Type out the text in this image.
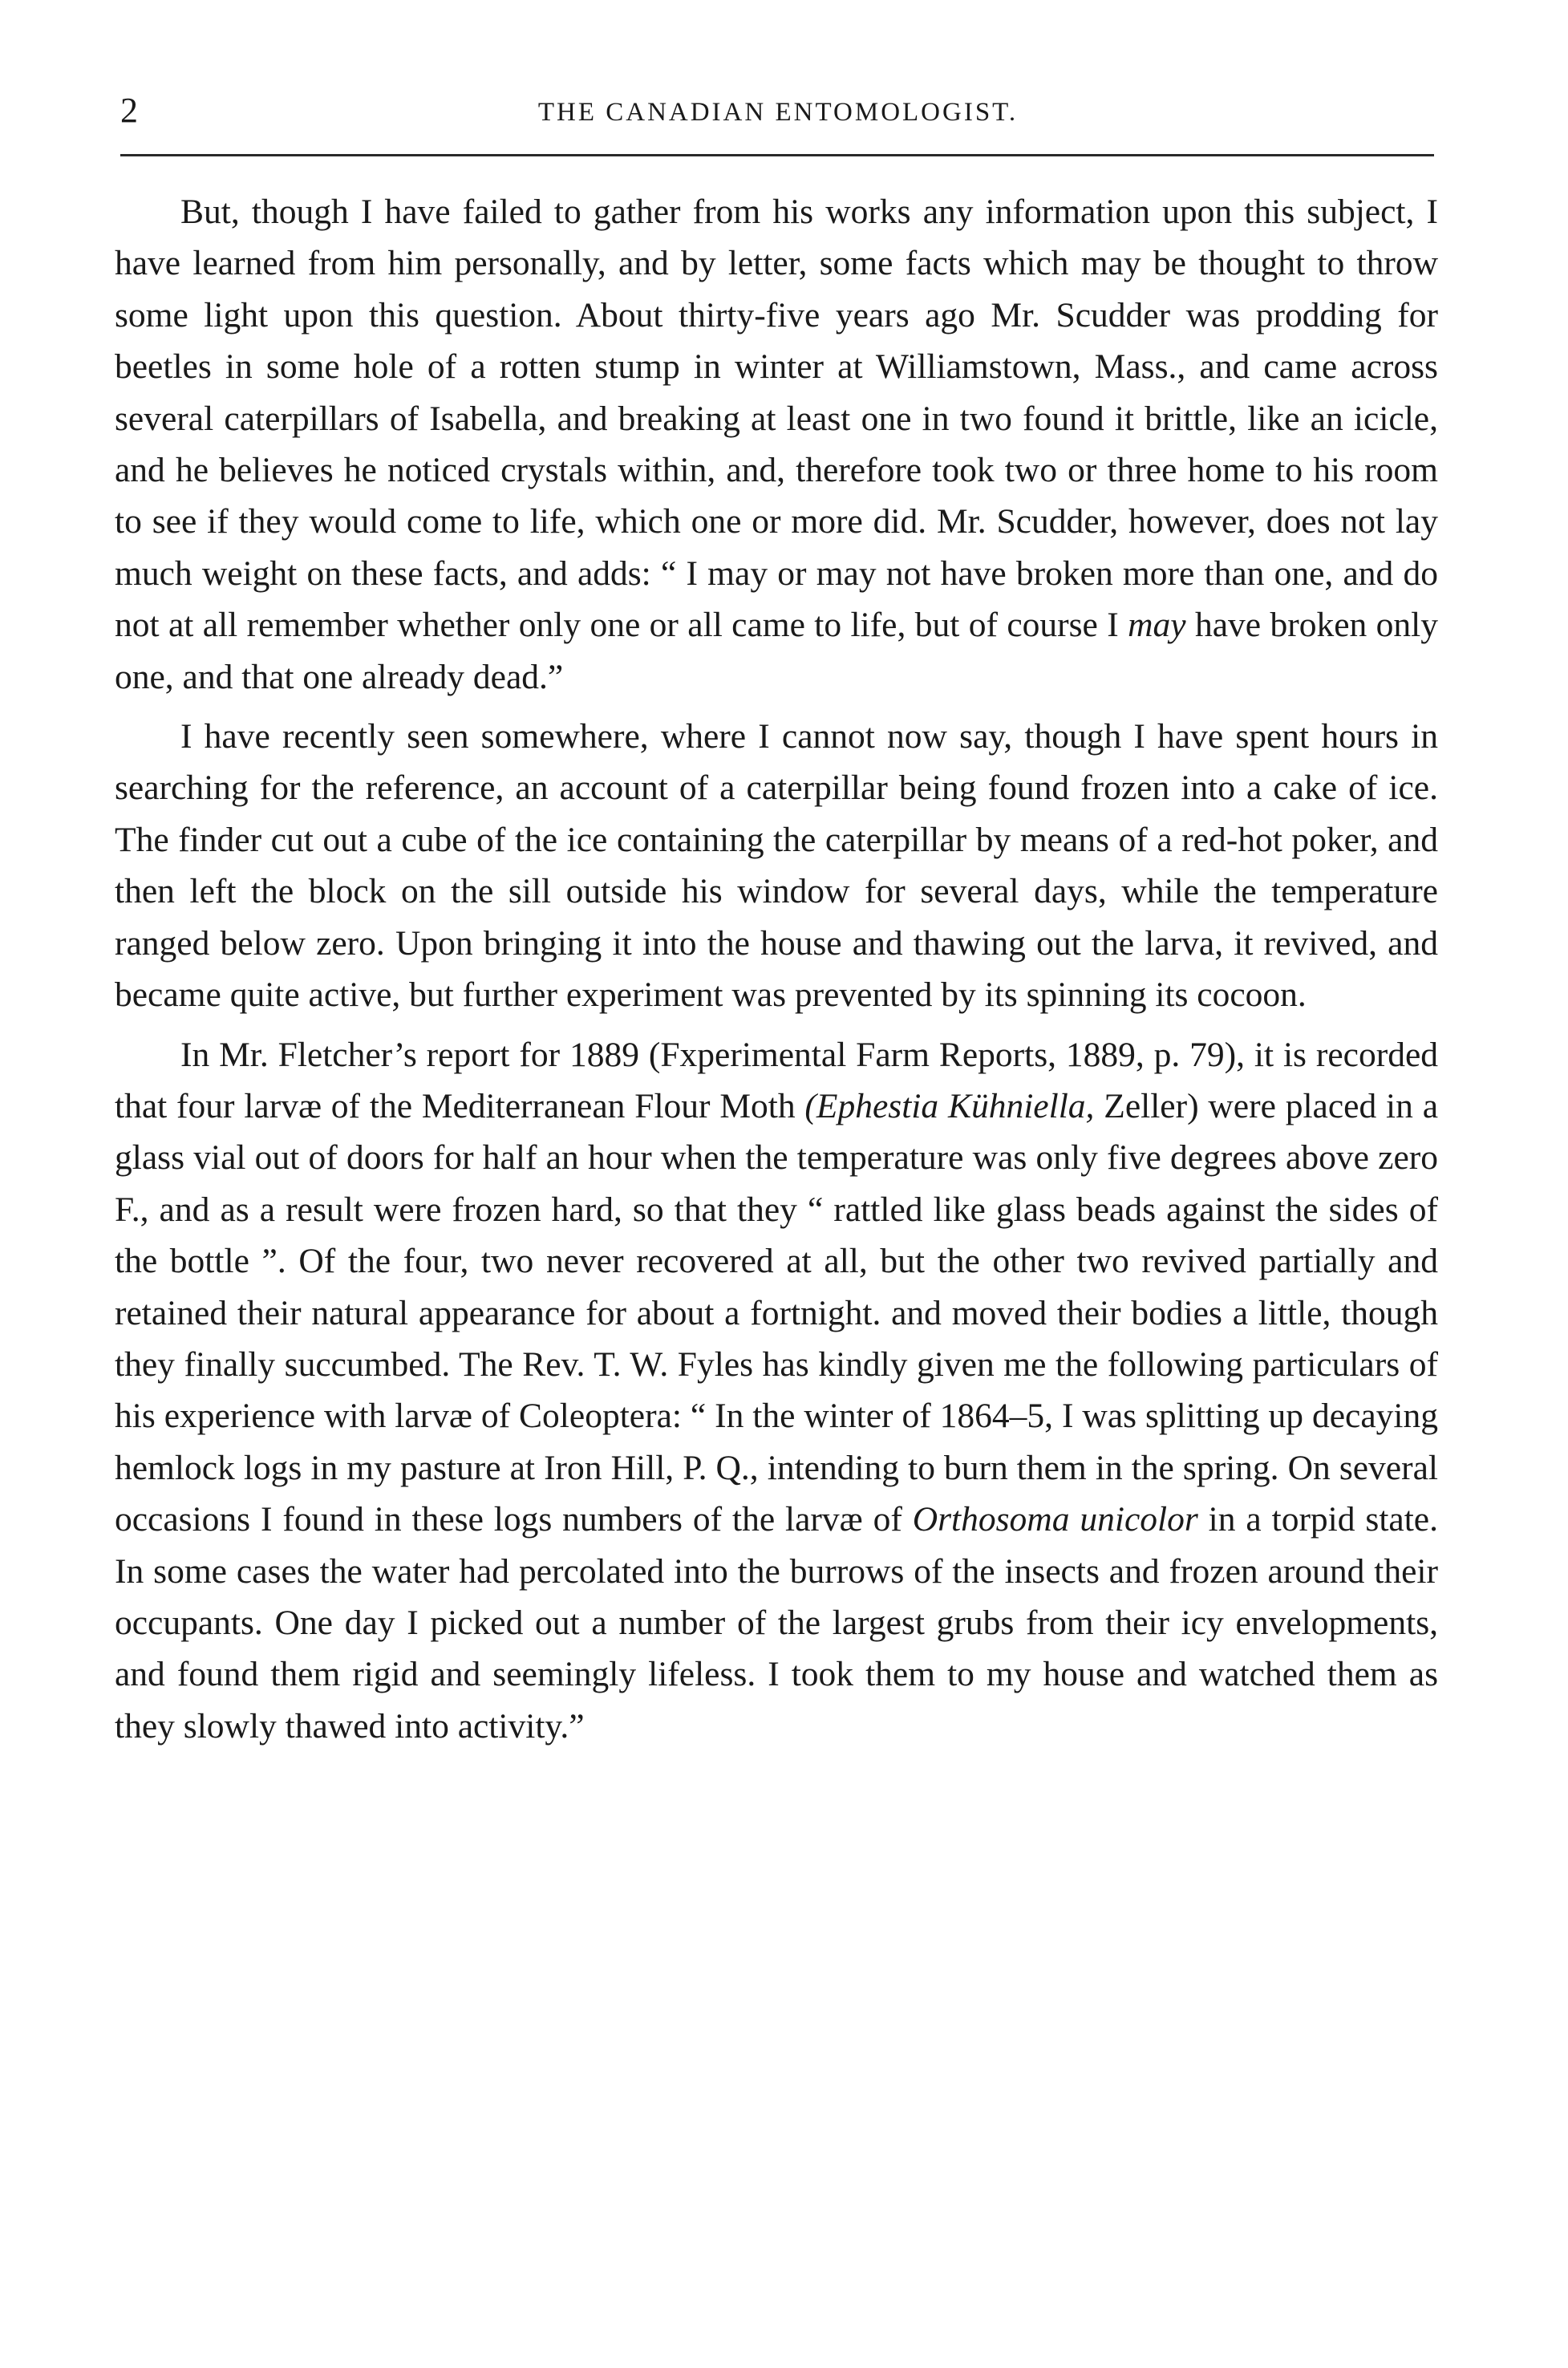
2	THE CANADIAN ENTOMOLOGIST.

But, though I have failed to gather from his works any information upon this subject, I have learned from him personally, and by letter, some facts which may be thought to throw some light upon this question. About thirty-five years ago Mr. Scudder was prodding for beetles in some hole of a rotten stump in winter at Williamstown, Mass., and came across several caterpillars of Isabella, and breaking at least one in two found it brittle, like an icicle, and he believes he noticed crystals within, and, therefore took two or three home to his room to see if they would come to life, which one or more did. Mr. Scudder, however, does not lay much weight on these facts, and adds: “ I may or may not have broken more than one, and do not at all remember whether only one or all came to life, but of course I may have broken only one, and that one already dead.”

I have recently seen somewhere, where I cannot now say, though I have spent hours in searching for the reference, an account of a caterpillar being found frozen into a cake of ice. The finder cut out a cube of the ice containing the caterpillar by means of a red-hot poker, and then left the block on the sill outside his window for several days, while the temperature ranged below zero. Upon bringing it into the house and thawing out the larva, it revived, and became quite active, but further experiment was prevented by its spinning its cocoon.

In Mr. Fletcher’s report for 1889 (Fxperimental Farm Reports, 1889, p. 79), it is recorded that four larvæ of the Mediterranean Flour Moth (Ephestia Kühniella, Zeller) were placed in a glass vial out of doors for half an hour when the temperature was only five degrees above zero F., and as a result were frozen hard, so that they “ rattled like glass beads against the sides of the bottle ”. Of the four, two never recovered at all, but the other two revived partially and retained their natural appearance for about a fortnight. and moved their bodies a little, though they finally succumbed. The Rev. T. W. Fyles has kindly given me the following particulars of his experience with larvæ of Coleoptera: “ In the winter of 1864–5, I was splitting up decaying hemlock logs in my pasture at Iron Hill, P. Q., intending to burn them in the spring. On several occasions I found in these logs numbers of the larvæ of Orthosoma unicolor in a torpid state. In some cases the water had percolated into the burrows of the insects and frozen around their occupants. One day I picked out a number of the largest grubs from their icy envelopments, and found them rigid and seemingly lifeless. I took them to my house and watched them as they slowly thawed into activity.”
